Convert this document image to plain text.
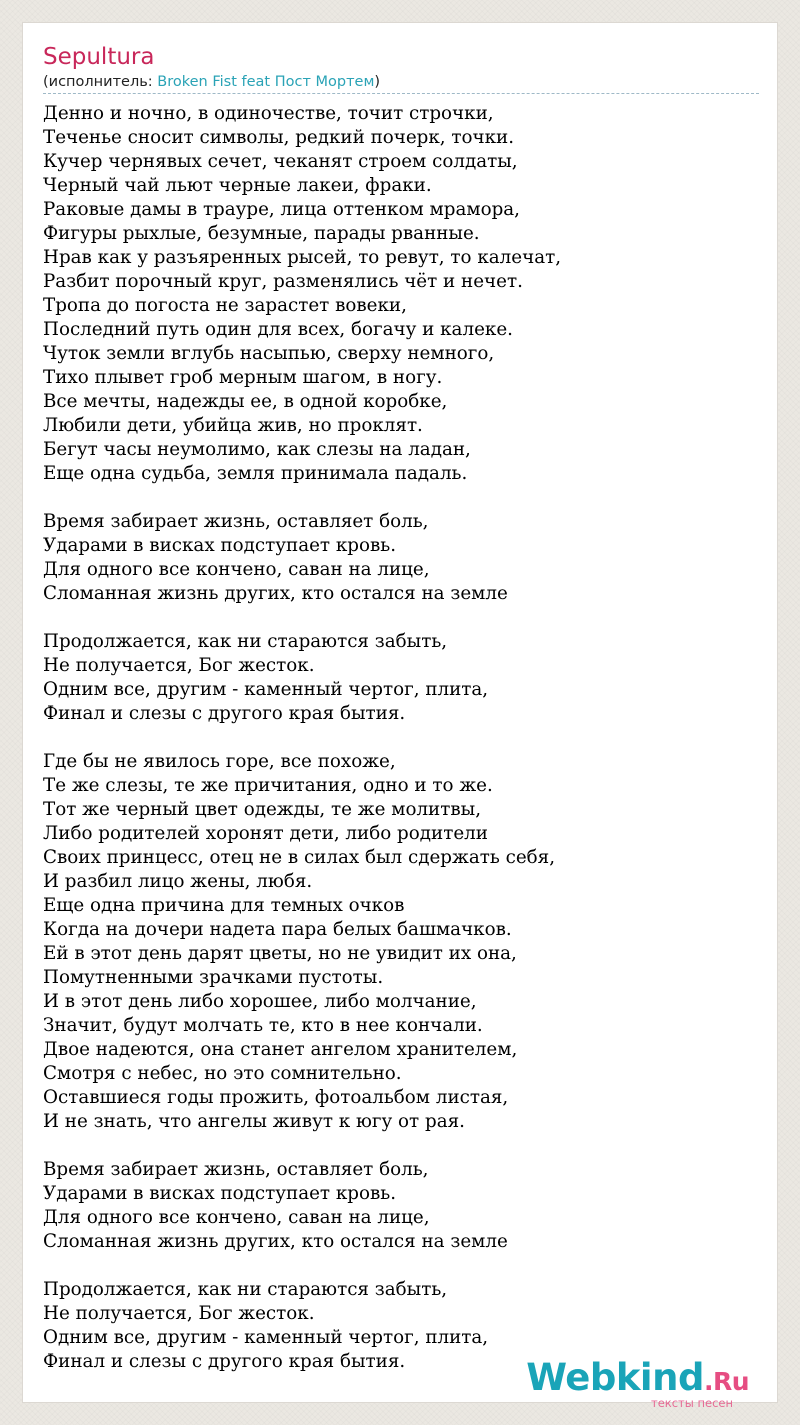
Sepultura
(исполнитель: Broken Fist feat Пост Мортем)
Денно и ночно, в одиночестве, точит строчки,
Теченье сносит символы, редкий почерк, точки.
Кучер чернявых сечет, чеканят строем солдаты,
Черный чай льют черные лакеи, фраки.
Раковые дамы в трауре, лица оттенком мрамора,
Фигуры рыхлые, безумные, парады рванные.
Нрав как у разъяренных рысей, то ревут, то калечат,
Разбит порочный круг, разменялись чёт и нечет.
Тропа до погоста не зарастет вовеки,
Последний путь один для всех, богачу и калеке.
Чуток земли вглубь насыпью, сверху немного,
Тихо плывет гроб мерным шагом, в ногу.
Все мечты, надежды ее, в одной коробке,
Любили дети, убийца жив, но проклят.
Бегут часы неумолимо, как слезы на ладан,
Еще одна судьба, земля принимала падаль.
Время забирает жизнь, оставляет боль,
Ударами в висках подступает кровь.
Для одного все кончено, саван на лице,
Сломанная жизнь других, кто остался на земле
Продолжается, как ни стараются забыть,
Не получается, Бог жесток.
Одним все, другим - каменный чертог, плита,
Финал и слезы с другого края бытия.
Где бы не явилось горе, все похоже,
Те же слезы, те же причитания, одно и то же.
Тот же черный цвет одежды, те же молитвы,
Либо родителей хоронят дети, либо родители
Своих принцесс, отец не в силах был сдержать себя,
И разбил лицо жены, любя.
Еще одна причина для темных очков
Когда на дочери надета пара белых башмачков.
Ей в этот день дарят цветы, но не увидит их она,
Помутненными зрачками пустоты.
И в этот день либо хорошее, либо молчание,
Значит, будут молчать те, кто в нее кончали.
Двое надеются, она станет ангелом хранителем,
Смотря с небес, но это сомнительно.
Оставшиеся годы прожить, фотоальбом листая,
И не знать, что ангелы живут к югу от рая.
Время забирает жизнь, оставляет боль,
Ударами в висках подступает кровь.
Для одного все кончено, саван на лице,
Сломанная жизнь других, кто остался на земле
Продолжается, как ни стараются забыть,
Не получается, Бог жесток.
Одним все, другим - каменный чертог, плита,
Финал и слезы с другого края бытия.	Webkind.Ru
тексты песен
